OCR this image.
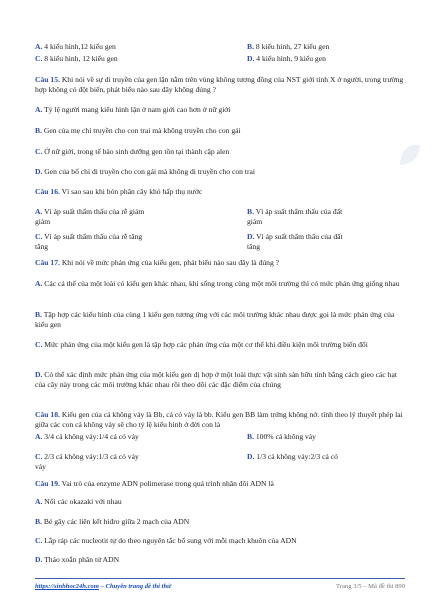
A. 4 kiểu hình,12 kiểu gen	B. 8 kiểu hình, 27 kiểu gen
C. 8 kiểu hình, 12 kiểu gen	D. 4 kiểu hình, 9 kiểu gen
Câu 15. Khi nói về sự di truyền của gen lặn nằm trên vùng không tương đồng của NST giới tính X ở người, trong trường hợp không có đột biến, phát biểu nào sau đây không đúng ?
A. Tỷ lệ người mang kiểu hình lặn ở nam giới cao hơn ở nữ giới
B. Gen của mẹ chỉ truyền cho con trai mà không truyền cho con gái
C. Ở nữ giới, trong tế bào sinh dưỡng gen tồn tại thành cặp alen
D. Gen của bố chỉ di truyền cho con gái mà không di truyền cho con trai
Câu 16. Vì sao sau khi bón phân cây khó hấp thụ nước
A. Vì áp suất thẩm thấu của rễ giảm
giảm
B. Vì áp suất thẩm thấu của đất
giảm
C. Vì áp suất thẩm thấu của rễ tăng
tăng
D. Vì áp suất thẩm thấu của đất
tăng
Câu 17. Khi nói về mức phản ứng của kiểu gen, phát biểu nào sau đây là đúng ?
A. Các cá thể của một loài có kiểu gen khác nhau, khi sống trong cùng một môi trường thì có mức phản ứng giống nhau
B. Tập hợp các kiểu hình của cùng 1 kiểu gen tương ứng với các môi trường khác nhau được gọi là mức phản ứng của kiểu gen
C. Mức phản ứng của một kiểu gen là tập hợp các phản ứng của một cơ thể khi điều kiện môi trường biến đổi
D. Có thể xác định mức phản ứng của một kiểu gen dị hợp ở một loài thực vật sinh sản hữu tính bằng cách gieo các hạt của cây này trong các môi trường khác nhau rồi theo dõi các đặc điểm của chúng
Câu 18. Kiểu gen của cá không vảy là Bb, cá có vảy là bb. Kiểu gen BB làm trứng không nở. tính theo lý thuyết phép lai giữa các con cá không vảy sẽ cho tỷ lệ kiểu hình ở đời con là
A. 3/4 cá không vảy:1/4 cá có vảy	B. 100% cá không vảy
C. 2/3 cá không vảy:1/3 cá có vảy	D. 1/3 cá không vảy:2/3 cá có
vảy
Câu 19. Vai trò của enzyme ADN polimerase trong quá trình nhân đôi ADN là
A. Nối các okazaki với nhau
B. Bẻ gãy các liên kết hiđro giữa 2 mạch của ADN
C. Lắp ráp các nucleotit tự do theo nguyên tắc bổ sung với mỗi mạch khuôn của ADN
D. Tháo xoắn phân tử ADN
https://sinhhoc24h.com – Chuyên trang đề thi thử	Trang 3/5 – Mã đề thi 890
